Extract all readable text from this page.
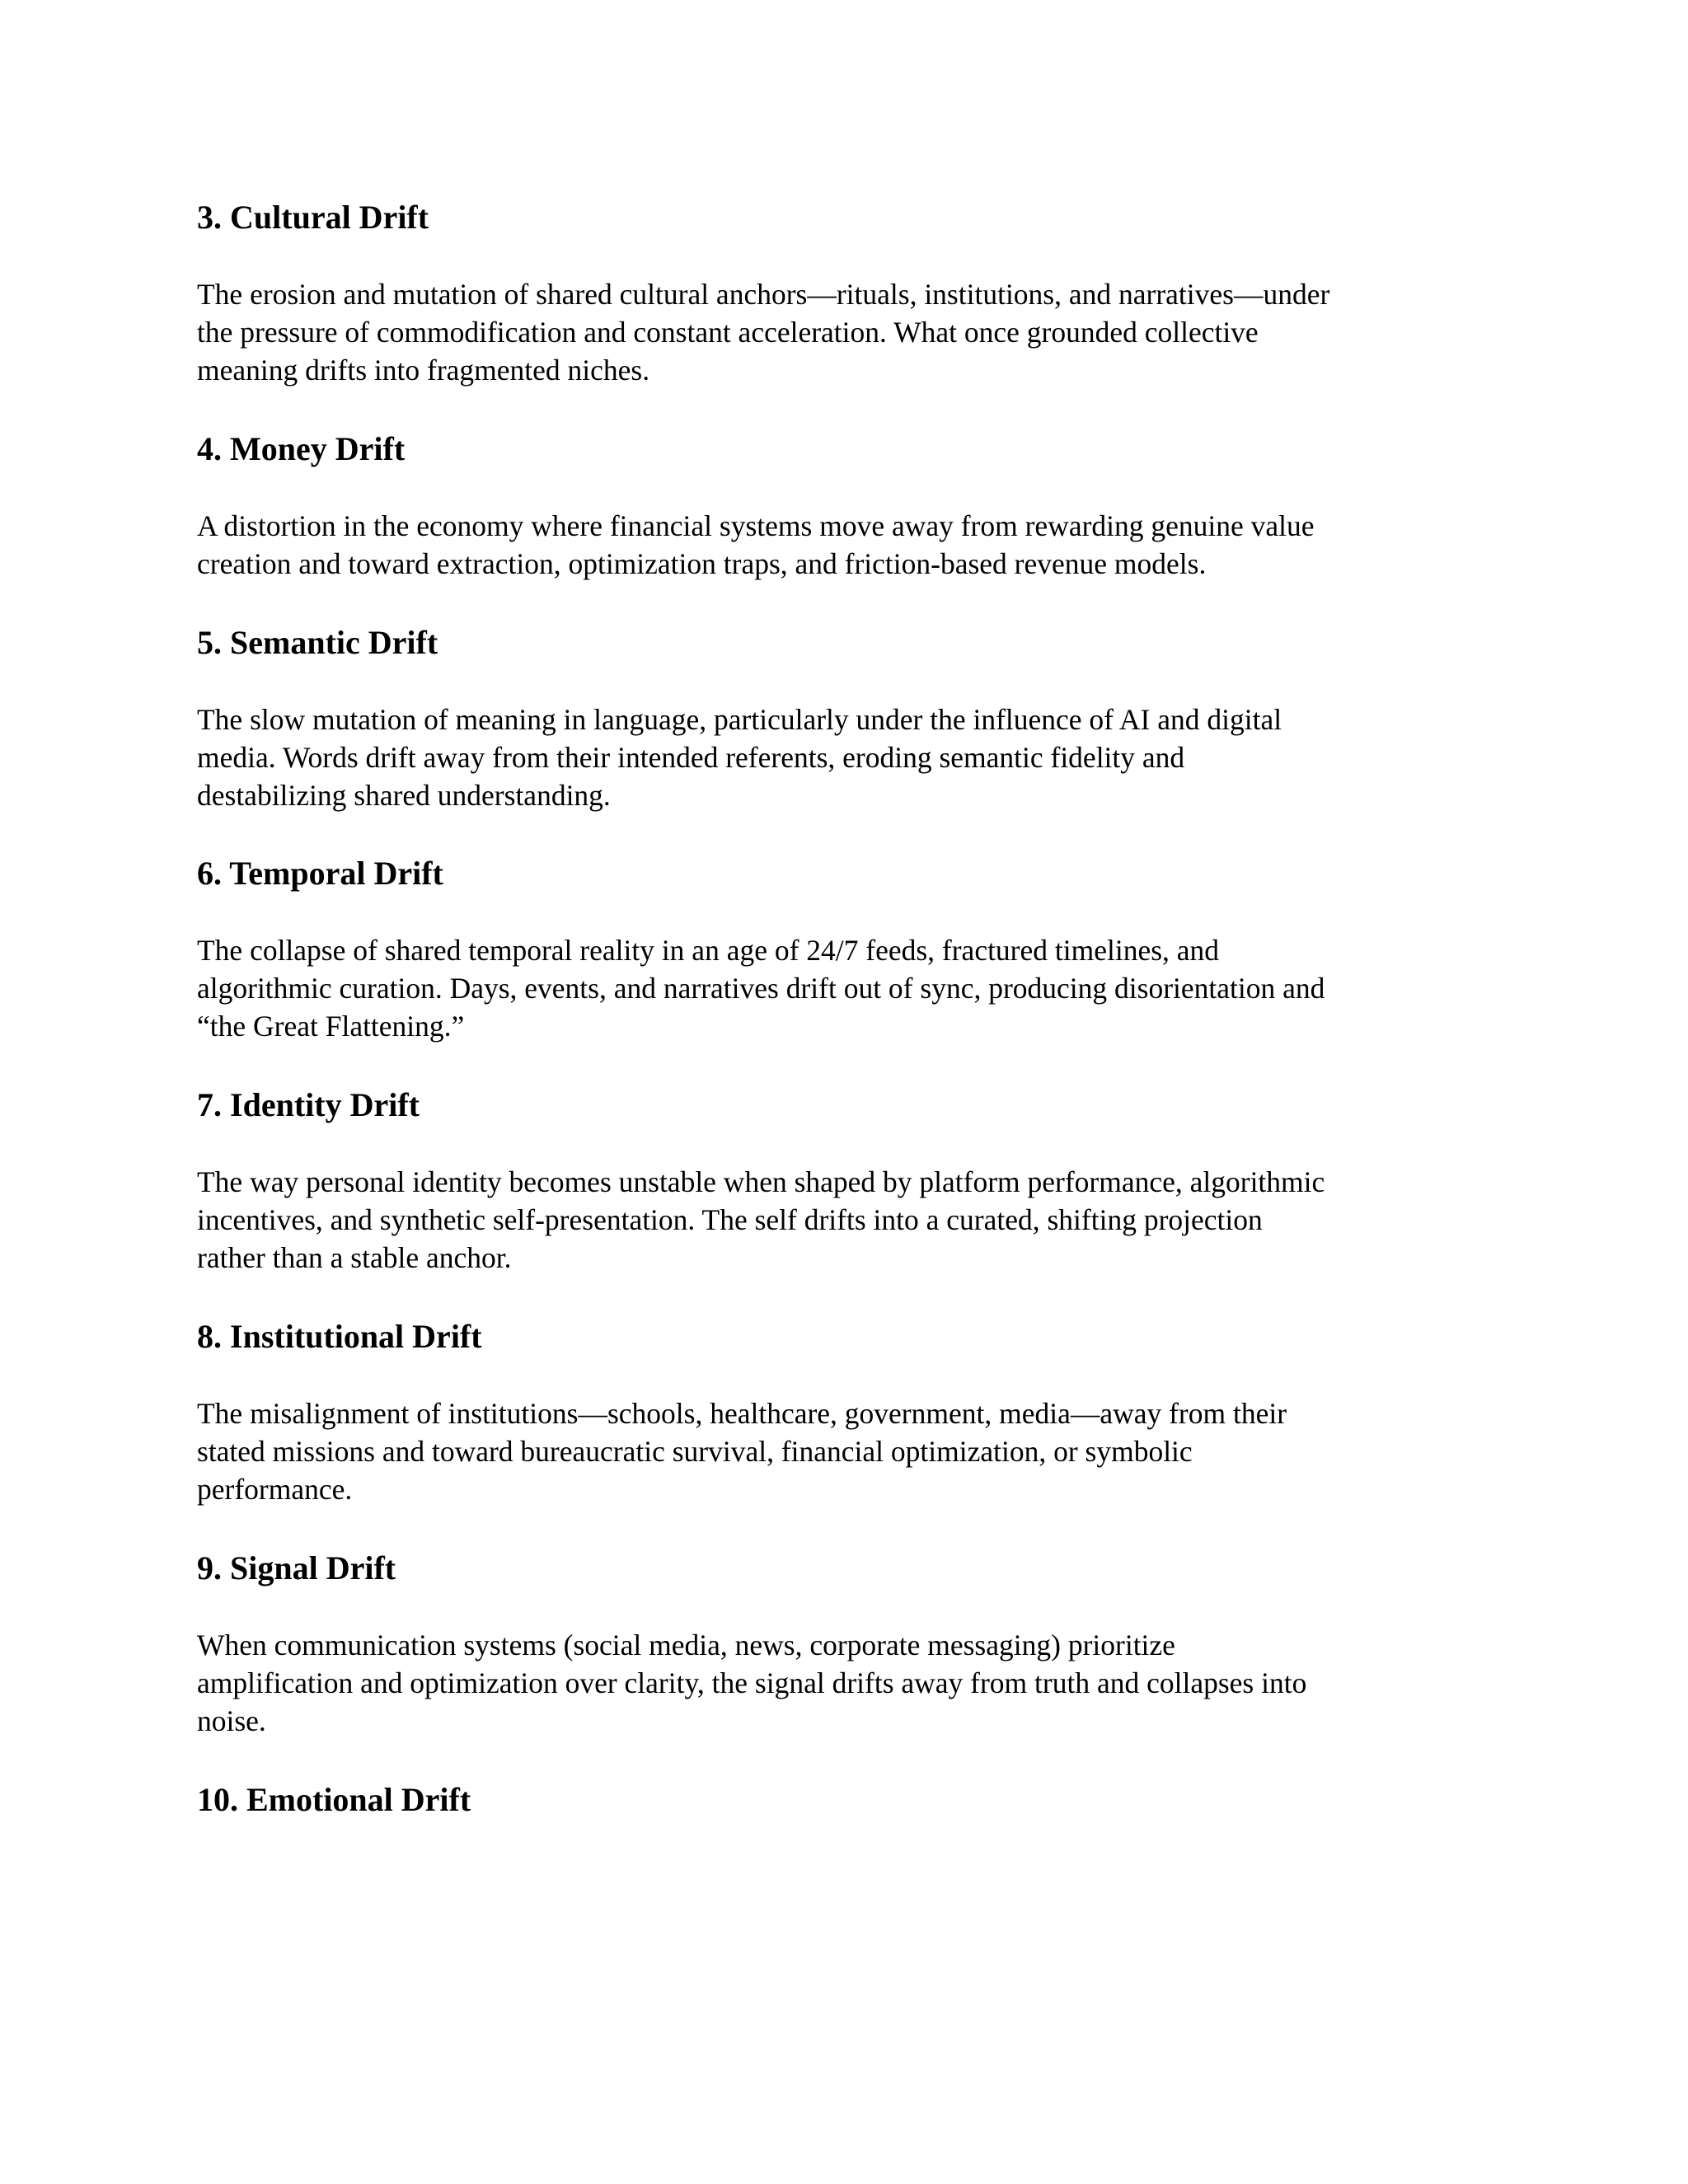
3. Cultural Drift

The erosion and mutation of shared cultural anchors—rituals, institutions, and narratives—under
the pressure of commodification and constant acceleration. What once grounded collective
meaning drifts into fragmented niches.

4. Money Drift

A distortion in the economy where financial systems move away from rewarding genuine value
creation and toward extraction, optimization traps, and friction-based revenue models.

5. Semantic Drift

The slow mutation of meaning in language, particularly under the influence of AI and digital
media. Words drift away from their intended referents, eroding semantic fidelity and
destabilizing shared understanding.

6. Temporal Drift

The collapse of shared temporal reality in an age of 24/7 feeds, fractured timelines, and
algorithmic curation. Days, events, and narratives drift out of sync, producing disorientation and
“the Great Flattening.”

7. Identity Drift

The way personal identity becomes unstable when shaped by platform performance, algorithmic
incentives, and synthetic self-presentation. The self drifts into a curated, shifting projection
rather than a stable anchor.

8. Institutional Drift

The misalignment of institutions—schools, healthcare, government, media—away from their
stated missions and toward bureaucratic survival, financial optimization, or symbolic
performance.

9. Signal Drift

When communication systems (social media, news, corporate messaging) prioritize
amplification and optimization over clarity, the signal drifts away from truth and collapses into
noise.

10. Emotional Drift
